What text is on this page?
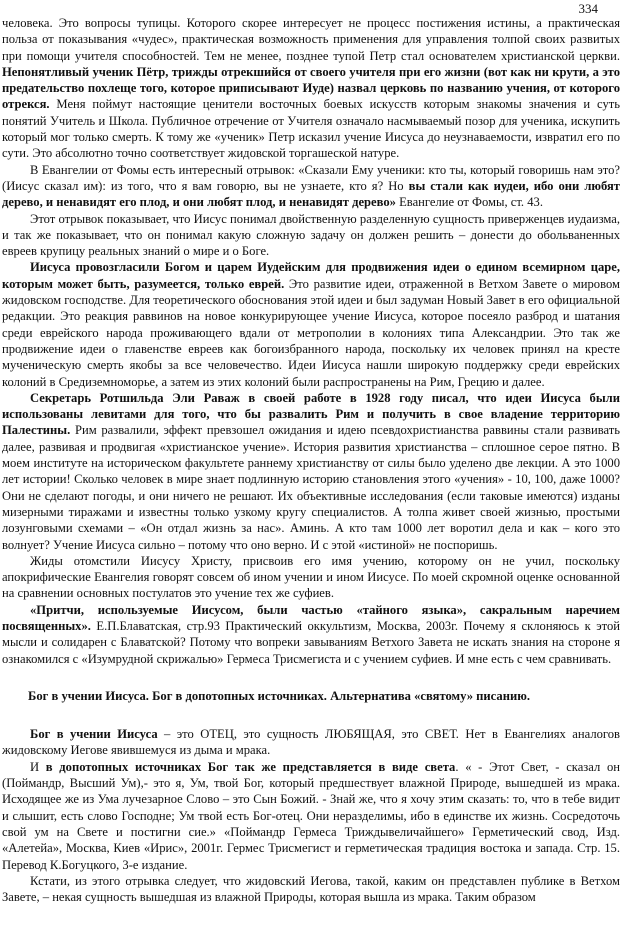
334

человека. Это вопросы тупицы. Которого скорее интересует не процесс постижения истины, а практическая польза от показывания «чудес», практическая возможность применения для управления толпой своих развитых при помощи учителя способностей. Тем не менее, позднее тупой Петр стал основателем христианской церкви. Непонятливый ученик Пётр, трижды отрекшийся от своего учителя при его жизни (вот как ни крути, а это предательство похлеще того, которое приписывают Иуде) назвал церковь по названию учения, от которого отрекся. Меня поймут настоящие ценители восточных боевых искусств которым знакомы значения и суть понятий Учитель и Школа. Публичное отречение от Учителя означало насмываемый позор для ученика, искупить который мог только смерть. К тому же «ученик» Петр исказил учение Иисуса до неузнаваемости, извратил его по сути. Это абсолютно точно соответствует жидовской торгашеской натуре.

В Евангелии от Фомы есть интересный отрывок: «Сказали Ему ученики: кто ты, который говоришь нам это? (Иисус сказал им): из того, что я вам говорю, вы не узнаете, кто я? Но вы стали как иудеи, ибо они любят дерево, и ненавидят его плод, и они любят плод, и ненавидят дерево» Евангелие от Фомы, ст. 43.

Этот отрывок показывает, что Иисус понимал двойственную разделенную сущность приверженцев иудаизма, и так же показывает, что он понимал какую сложную задачу он должен решить – донести до обольваненных евреев крупицу реальных знаний о мире и о Боге.

Иисуса провозгласили Богом и царем Иудейским для продвижения идеи о едином всемирном царе, которым может быть, разумеется, только еврей. Это развитие идеи, отраженной в Ветхом Завете о мировом жидовском господстве. Для теоретического обоснования этой идеи и был задуман Новый Завет в его официальной редакции. Это реакция раввинов на новое конкурирующее учение Иисуса, которое посеяло разброд и шатания среди еврейского народа проживающего вдали от метрополии в колониях типа Александрии. Это так же продвижение идеи о главенстве евреев как богоизбранного народа, поскольку их человек принял на кресте мученическую смерть якобы за все человечество. Идеи Иисуса нашли широкую поддержку среди еврейских колоний в Средиземноморье, а затем из этих колоний были распространены на Рим, Грецию и далее.

Секретарь Ротшильда Эли Раваж в своей работе в 1928 году писал, что идеи Иисуса были использованы левитами для того, что бы развалить Рим и получить в свое владение территорию Палестины. Рим развалили, эффект превзошел ожидания и идею псевдохристианства раввины стали развивать далее, развивая и продвигая «христианское учение». История развития христианства – сплошное серое пятно. В моем институте на историческом факультете раннему христианству от силы было уделено две лекции. А это 1000 лет истории! Сколько человек в мире знает подлинную историю становления этого «учения» - 10, 100, даже 1000? Они не сделают погоды, и они ничего не решают. Их объективные исследования (если таковые имеются) изданы мизерными тиражами и известны только узкому кругу специалистов. А толпа живет своей жизнью, простыми лозунговыми схемами – «Он отдал жизнь за нас». Аминь. А кто там 1000 лет воротил дела и как – кого это волнует? Учение Иисуса сильно – потому что оно верно. И с этой «истиной» не поспоришь.

Жиды отомстили Иисусу Христу, присвоив его имя учению, которому он не учил, поскольку апокрифические Евангелия говорят совсем об ином учении и ином Иисусе. По моей скромной оценке основанной на сравнении основных постулатов это учение тех же суфиев.

«Притчи, используемые Иисусом, были частью «тайного языка», сакральным наречием посвященных». Е.П.Блаватская, стр.93 Практический оккультизм, Москва, 2003г. Почему я склоняюсь к этой мысли и солидарен с Блаватской? Потому что вопреки завываниям Ветхого Завета не искать знания на стороне я ознакомился с «Изумрудной скрижалью» Гермеса Трисмегиста и с учением суфиев. И мне есть с чем сравнивать.

Бог в учении Иисуса. Бог в допотопных источниках. Альтернатива «святому» писанию.

Бог в учении Иисуса – это ОТЕЦ, это сущность ЛЮБЯЩАЯ, это СВЕТ. Нет в Евангелиях аналогов жидовскому Иегове явившемуся из дыма и мрака.

И в допотопных источниках Бог так же представляется в виде света. « - Этот Свет, - сказал он (Поймандр, Высший Ум),- это я, Ум, твой Бог, который предшествует влажной Природе, вышедшей из мрака. Исходящее же из Ума лучезарное Слово – это Сын Божий. - Знай же, что я хочу этим сказать: то, что в тебе видит и слышит, есть слово Господне; Ум твой есть Бог-отец. Они неразделимы, ибо в единстве их жизнь. Сосредоточь свой ум на Свете и постигни сие.» «Поймандр Гермеса Триждывеличайшего» Герметический свод, Изд. «Алетейа», Москва, Киев «Ирис», 2001г. Гермес Трисмегист и герметическая традиция востока и запада. Стр. 15. Перевод К.Богуцкого, 3-е издание.

Кстати, из этого отрывка следует, что жидовский Иегова, такой, каким он представлен публике в Ветхом Завете, – некая сущность вышедшая из влажной Природы, которая вышла из мрака. Таким образом
